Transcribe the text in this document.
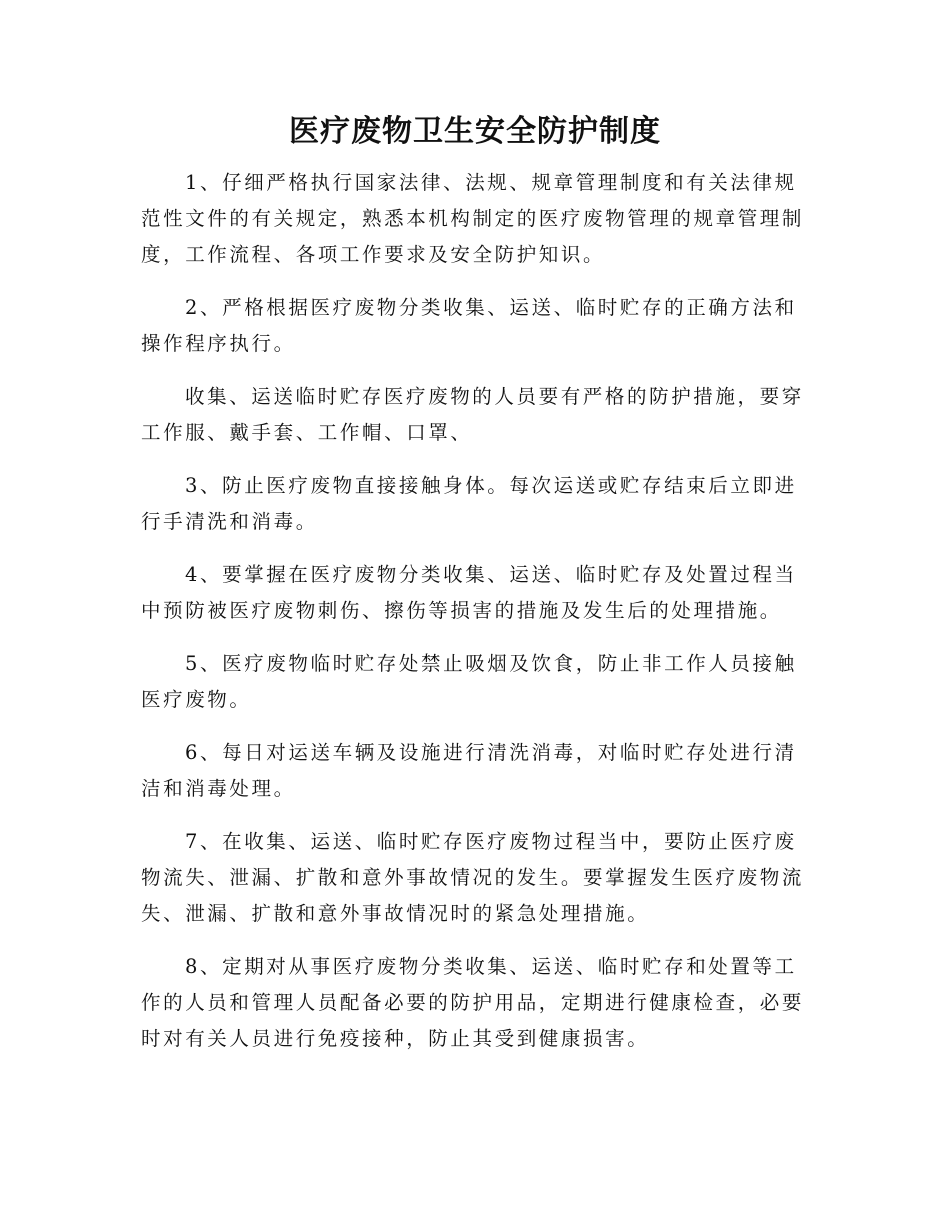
医疗废物卫生安全防护制度

1、仔细严格执行国家法律、法规、规章管理制度和有关法律规范性文件的有关规定，熟悉本机构制定的医疗废物管理的规章管理制度，工作流程、各项工作要求及安全防护知识。

2、严格根据医疗废物分类收集、运送、临时贮存的正确方法和操作程序执行。

收集、运送临时贮存医疗废物的人员要有严格的防护措施，要穿工作服、戴手套、工作帽、口罩、

3、防止医疗废物直接接触身体。每次运送或贮存结束后立即进行手清洗和消毒。

4、要掌握在医疗废物分类收集、运送、临时贮存及处置过程当中预防被医疗废物刺伤、擦伤等损害的措施及发生后的处理措施。

5、医疗废物临时贮存处禁止吸烟及饮食，防止非工作人员接触医疗废物。

6、每日对运送车辆及设施进行清洗消毒，对临时贮存处进行清洁和消毒处理。

7、在收集、运送、临时贮存医疗废物过程当中，要防止医疗废物流失、泄漏、扩散和意外事故情况的发生。要掌握发生医疗废物流失、泄漏、扩散和意外事故情况时的紧急处理措施。

8、定期对从事医疗废物分类收集、运送、临时贮存和处置等工作的人员和管理人员配备必要的防护用品，定期进行健康检查，必要时对有关人员进行免疫接种，防止其受到健康损害。
